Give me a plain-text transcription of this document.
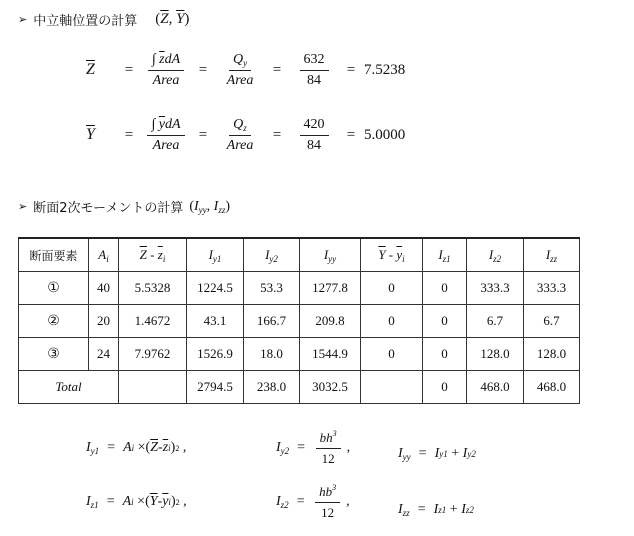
➢ 中立軸位置の計算 ($\overline{Z}$, $\overline{Y}$)
$\overline{Z}$	= $\frac{\int \overline{z}dA}{\text{Area}} = \frac{Q_y}{\text{Area}} = \frac{632}{84} = 7.5238$
$\overline{Y}$	= $\frac{\int \overline{y}dA}{\text{Area}} = \frac{Q_z}{\text{Area}} = \frac{420}{84} = 5.0000$
➢ 断面2次モーメントの計算 ($I_{yy}$, $I_{zz}$)
断面要素	$A_i$	$\overline{Z} - \overline{z}_i$	$I_{y1}$	$I_{y2}$	$I_{yy}$	$\overline{Y} - \overline{y}_i$	$I_{z1}$	$I_{z2}$	$I_{zz}$
①	40	5.5328	1224.5	53.3	1277.8	0	0	333.3	333.3
②	20	1.4672	43.1	166.7	209.8	0	0	6.7	6.7
③	24	7.9762	1526.9	18.0	1544.9	0	0	128.0	128.0
Total			2794.5	238.0	3032.5		0	468.0	468.0
$I_{y1} = A$ i ×( $\overline{Z} - \overline{z}$ i ) 2 ,	$I_{y2} = \frac{bh^3}{12}$ ,	$I_{yy} = I$ y1 + I y2
$I_{z1} = A$ i ×( $\overline{Y} - \overline{y}$ i ) 2 ,	$I_{z2} = \frac{hb^3}{12}$ ,
$I_{zz} = I$ z1 + I z2
